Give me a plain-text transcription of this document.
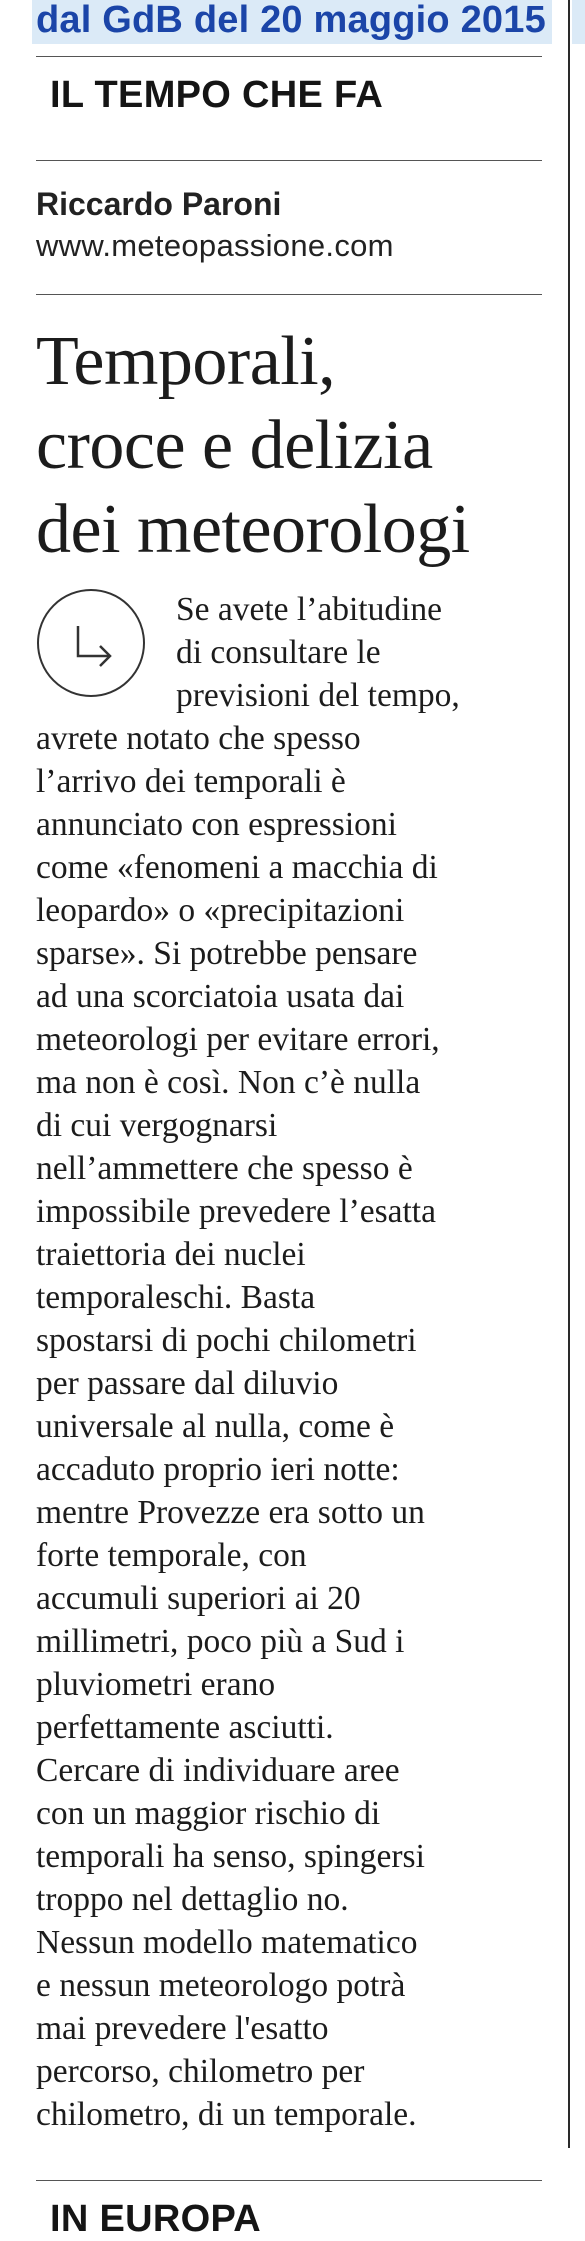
dal GdB del 20 maggio 2015
IL TEMPO CHE FA
Riccardo Paroni
www.meteopassione.com
Temporali,
croce e delizia
dei meteorologi
Se avete l’abitudine
di consultare le
previsioni del tempo,
avrete notato che spesso
l’arrivo dei temporali è
annunciato con espressioni
come «fenomeni a macchia di
leopardo» o «precipitazioni
sparse». Si potrebbe pensare
ad una scorciatoia usata dai
meteorologi per evitare errori,
ma non è così. Non c’è nulla
di cui vergognarsi
nell’ammettere che spesso è
impossibile prevedere l’esatta
traiettoria dei nuclei
temporaleschi. Basta
spostarsi di pochi chilometri
per passare dal diluvio
universale al nulla, come è
accaduto proprio ieri notte:
mentre Provezze era sotto un
forte temporale, con
accumuli superiori ai 20
millimetri, poco più a Sud i
pluviometri erano
perfettamente asciutti.
Cercare di individuare aree
con un maggior rischio di
temporali ha senso, spingersi
troppo nel dettaglio no.
Nessun modello matematico
e nessun meteorologo potrà
mai prevedere l'esatto
percorso, chilometro per
chilometro, di un temporale.
IN EUROPA
